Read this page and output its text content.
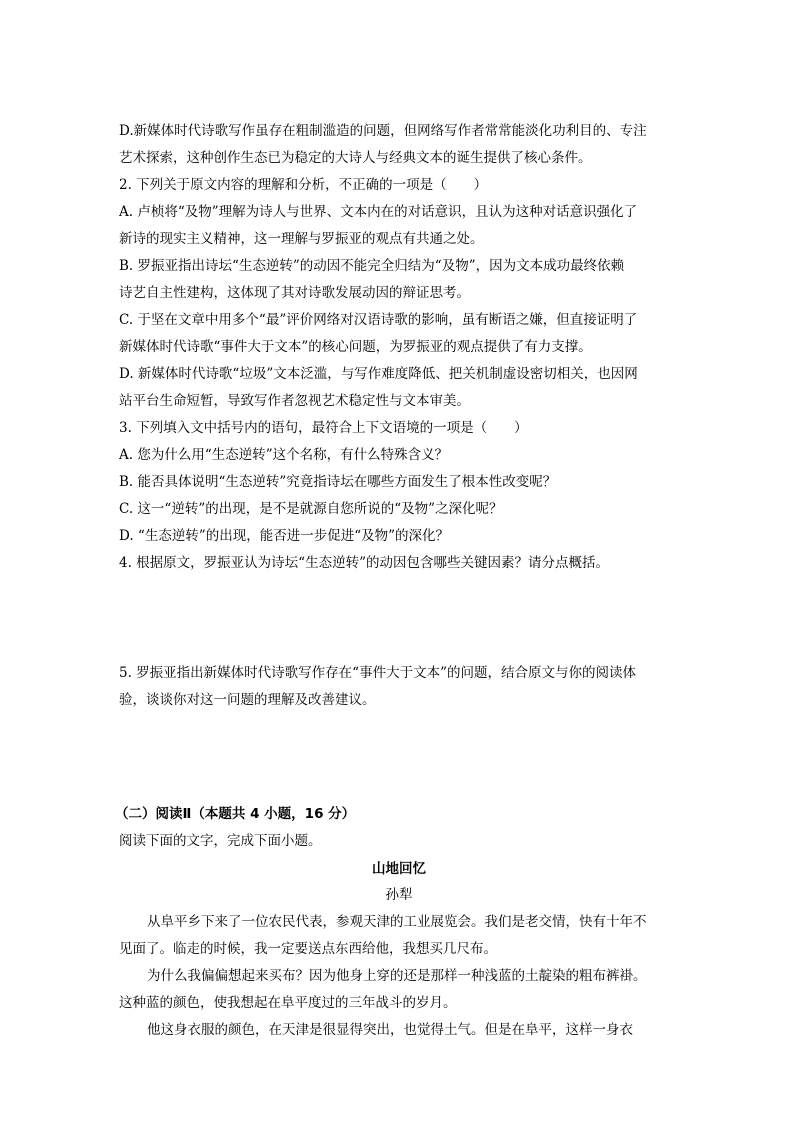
D.新媒体时代诗歌写作虽存在粗制滥造的问题，但网络写作者常常能淡化功利目的、专注
艺术探索，这种创作生态已为稳定的大诗人与经典文本的诞生提供了核心条件。
2. 下列关于原文内容的理解和分析，不正确的一项是（　　）
A. 卢桢将“及物”理解为诗人与世界、文本内在的对话意识，且认为这种对话意识强化了
新诗的现实主义精神，这一理解与罗振亚的观点有共通之处。
B. 罗振亚指出诗坛“生态逆转”的动因不能完全归结为“及物”，因为文本成功最终依赖
诗艺自主性建构，这体现了其对诗歌发展动因的辩证思考。
C. 于坚在文章中用多个“最”评价网络对汉语诗歌的影响，虽有断语之嫌，但直接证明了
新媒体时代诗歌“事件大于文本”的核心问题，为罗振亚的观点提供了有力支撑。
D. 新媒体时代诗歌“垃圾”文本泛滥，与写作难度降低、把关机制虚设密切相关，也因网
站平台生命短暂，导致写作者忽视艺术稳定性与文本审美。
3. 下列填入文中括号内的语句，最符合上下文语境的一项是（　　）
A. 您为什么用“生态逆转”这个名称，有什么特殊含义？
B. 能否具体说明“生态逆转”究竟指诗坛在哪些方面发生了根本性改变呢？
C. 这一“逆转”的出现，是不是就源自您所说的“及物”之深化呢？
D. “生态逆转”的出现，能否进一步促进“及物”的深化？
4. 根据原文，罗振亚认为诗坛“生态逆转”的动因包含哪些关键因素？请分点概括。
5. 罗振亚指出新媒体时代诗歌写作存在“事件大于文本”的问题，结合原文与你的阅读体
验，谈谈你对这一问题的理解及改善建议。
（二）阅读Ⅱ（本题共 4 小题，16 分）
阅读下面的文字，完成下面小题。
山地回忆
孙犁
从阜平乡下来了一位农民代表，参观天津的工业展览会。我们是老交情，快有十年不
见面了。临走的时候，我一定要送点东西给他，我想买几尺布。
为什么我偏偏想起来买布？因为他身上穿的还是那样一种浅蓝的土靛染的粗布裤褂。
这种蓝的颜色，使我想起在阜平度过的三年战斗的岁月。
他这身衣服的颜色，在天津是很显得突出，也觉得土气。但是在阜平，这样一身衣
